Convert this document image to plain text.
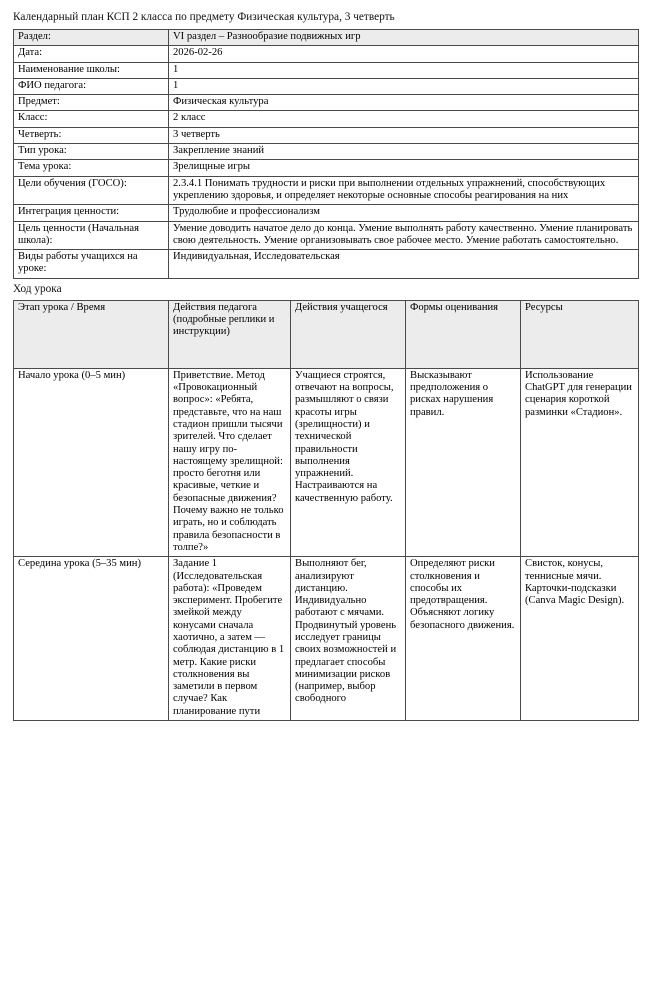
Календарный план КСП 2 класса по предмету Физическая культура, 3 четверть
Раздел:	VI раздел – Разнообразие подвижных игр
Дата:	2026-02-26
Наименование школы:	1
ФИО педагога:	1
Предмет:	Физическая культура
Класс:	2 класс
Четверть:	3 четверть
Тип урока:	Закрепление знаний
Тема урока:	Зрелищные игры
Цели обучения (ГОСО):	2.3.4.1 Понимать трудности и риски при выполнении отдельных упражнений, способствующих укреплению здоровья, и определяет некоторые основные способы реагирования на них
Интеграция ценности:	Трудолюбие и профессионализм
Цель ценности (Начальная школа):	Умение доводить начатое дело до конца. Умение выполнять работу качественно. Умение планировать свою деятельность. Умение организовывать свое рабочее место. Умение работать самостоятельно.
Виды работы учащихся на уроке:	Индивидуальная, Исследовательская
Ход урока
Этап урока / Время	Действия педагога (подробные реплики и инструкции)	Действия учащегося	Формы оценивания	Ресурсы
Начало урока (0–5 мин)	Приветствие. Метод «Провокационный вопрос»: «Ребята, представьте, что на наш стадион пришли тысячи зрителей. Что сделает нашу игру по-настоящему зрелищной: просто беготня или красивые, четкие и безопасные движения? Почему важно не только играть, но и соблюдать правила безопасности в толпе?»	Учащиеся строятся, отвечают на вопросы, размышляют о связи красоты игры (зрелищности) и технической правильности выполнения упражнений. Настраиваются на качественную работу.	Высказывают предположения о рисках нарушения правил.	Использование ChatGPT для генерации сценария короткой разминки «Стадион».
Середина урока (5–35 мин)	Задание 1 (Исследовательская работа): «Проведем эксперимент. Пробегите змейкой между конусами сначала хаотично, а затем — соблюдая дистанцию в 1 метр. Какие риски столкновения вы заметили в первом случае? Как планирование пути	Выполняют бег, анализируют дистанцию. Индивидуально работают с мячами. Продвинутый уровень исследует границы своих возможностей и предлагает способы минимизации рисков (например, выбор свободного	Определяют риски столкновения и способы их предотвращения. Объясняют логику безопасного движения.	Свисток, конусы, теннисные мячи. Карточки-подсказки (Canva Magic Design).
